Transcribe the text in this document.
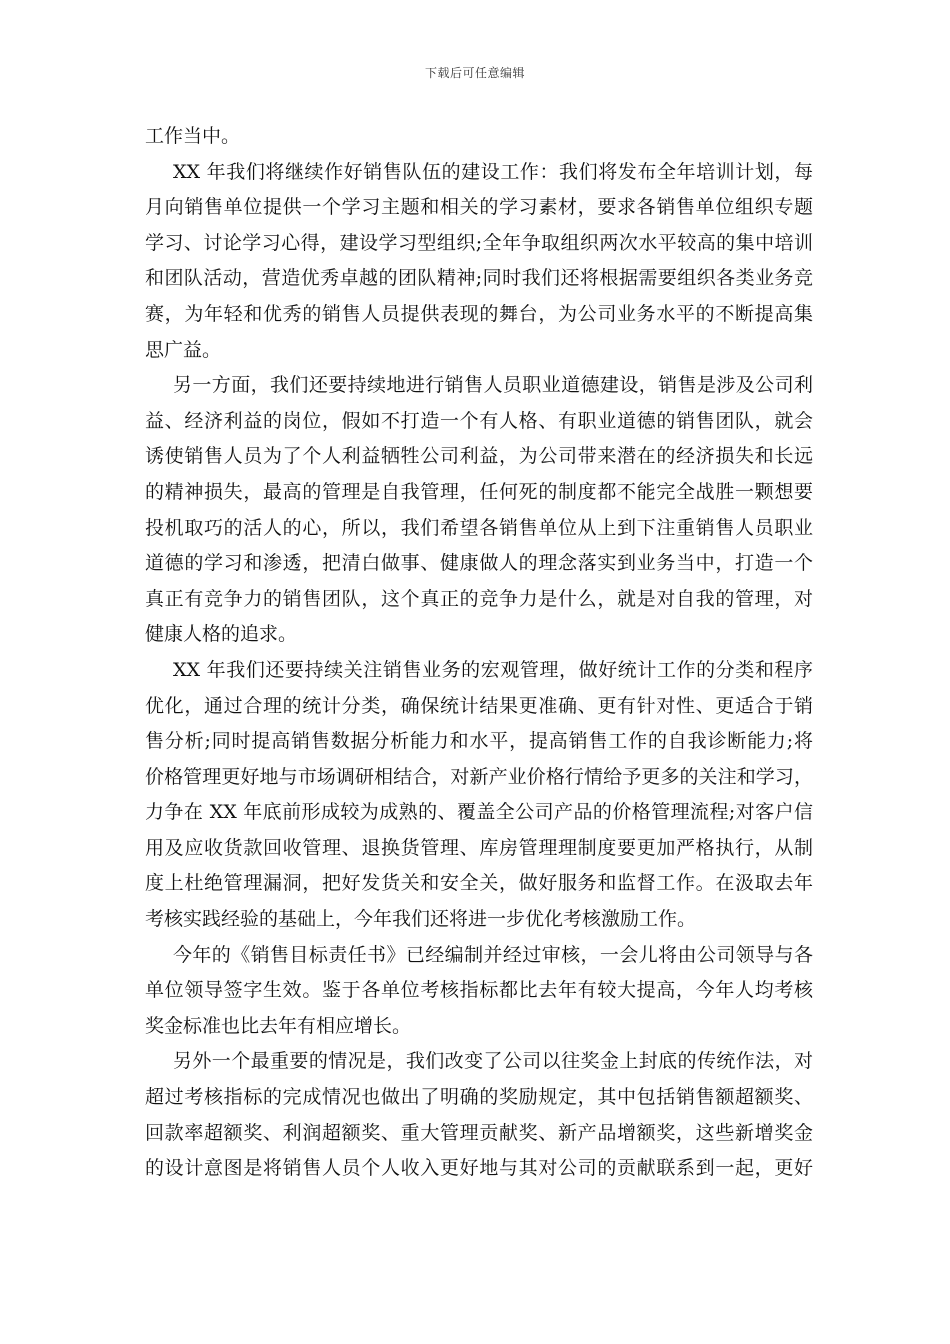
下载后可任意编辑
工作当中。
XX 年我们将继续作好销售队伍的建设工作：我们将发布全年培训计划，每
月向销售单位提供一个学习主题和相关的学习素材，要求各销售单位组织专题
学习、讨论学习心得，建设学习型组织;全年争取组织两次水平较高的集中培训
和团队活动，营造优秀卓越的团队精神;同时我们还将根据需要组织各类业务竞
赛，为年轻和优秀的销售人员提供表现的舞台，为公司业务水平的不断提高集
思广益。
另一方面，我们还要持续地进行销售人员职业道德建设，销售是涉及公司利
益、经济利益的岗位，假如不打造一个有人格、有职业道德的销售团队，就会
诱使销售人员为了个人利益牺牲公司利益，为公司带来潜在的经济损失和长远
的精神损失，最高的管理是自我管理，任何死的制度都不能完全战胜一颗想要
投机取巧的活人的心，所以，我们希望各销售单位从上到下注重销售人员职业
道德的学习和渗透，把清白做事、健康做人的理念落实到业务当中，打造一个
真正有竞争力的销售团队，这个真正的竞争力是什么，就是对自我的管理，对
健康人格的追求。
XX 年我们还要持续关注销售业务的宏观管理，做好统计工作的分类和程序
优化，通过合理的统计分类，确保统计结果更准确、更有针对性、更适合于销
售分析;同时提高销售数据分析能力和水平，提高销售工作的自我诊断能力;将
价格管理更好地与市场调研相结合，对新产业价格行情给予更多的关注和学习，
力争在 XX 年底前形成较为成熟的、覆盖全公司产品的价格管理流程;对客户信
用及应收货款回收管理、退换货管理、库房管理理制度要更加严格执行，从制
度上杜绝管理漏洞，把好发货关和安全关，做好服务和监督工作。在汲取去年
考核实践经验的基础上，今年我们还将进一步优化考核激励工作。
今年的《销售目标责任书》已经编制并经过审核，一会儿将由公司领导与各
单位领导签字生效。鉴于各单位考核指标都比去年有较大提高，今年人均考核
奖金标准也比去年有相应增长。
另外一个最重要的情况是，我们改变了公司以往奖金上封底的传统作法，对
超过考核指标的完成情况也做出了明确的奖励规定，其中包括销售额超额奖、
回款率超额奖、利润超额奖、重大管理贡献奖、新产品增额奖，这些新增奖金
的设计意图是将销售人员个人收入更好地与其对公司的贡献联系到一起，更好
